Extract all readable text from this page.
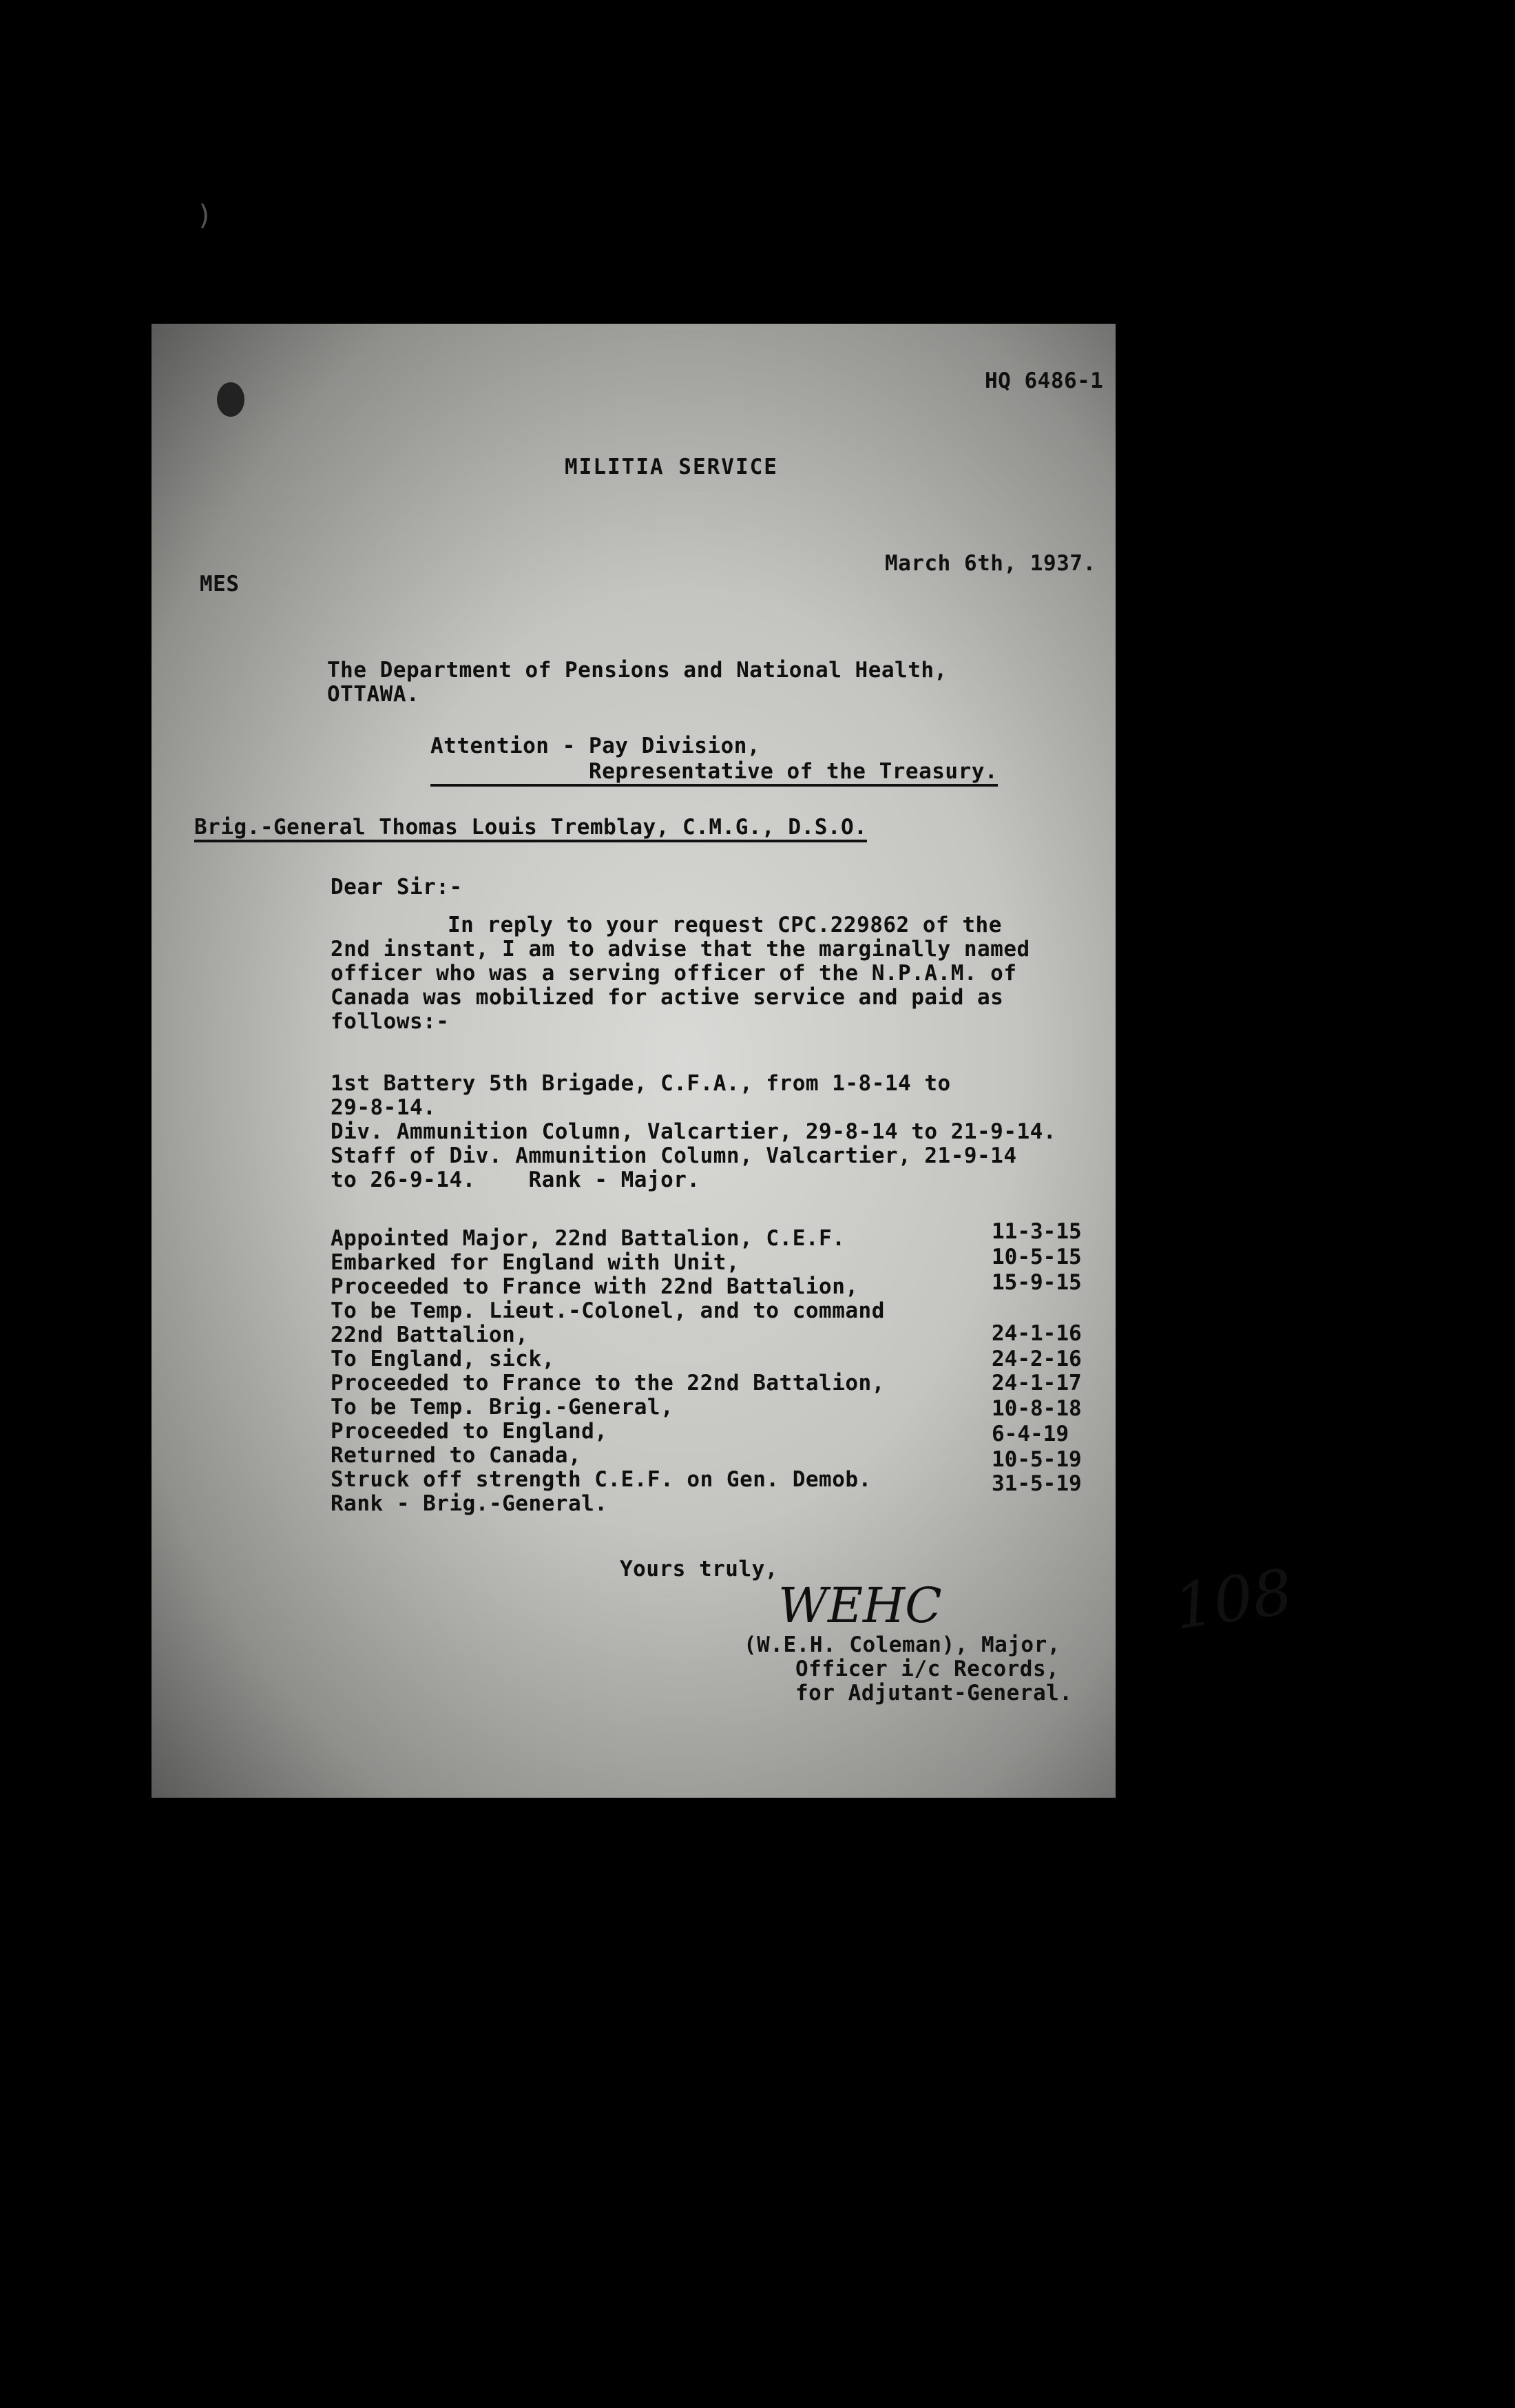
)
HQ 6486-1
MILITIA SERVICE
March 6th, 1937.
MES
The Department of Pensions and National Health,
OTTAWA.
Attention - Pay Division,
Representative of the Treasury.
Brig.-General Thomas Louis Tremblay, C.M.G., D.S.O.
Dear Sir:-
In reply to your request CPC.229862 of the
2nd instant, I am to advise that the marginally named
officer who was a serving officer of the N.P.A.M. of
Canada was mobilized for active service and paid as
follows:-
1st Battery 5th Brigade, C.F.A., from 1-8-14 to
29-8-14.
Div. Ammunition Column, Valcartier, 29-8-14 to 21-9-14.
Staff of Div. Ammunition Column, Valcartier, 21-9-14
to 26-9-14.    Rank - Major.
Appointed Major, 22nd Battalion, C.E.F.	11-3-15
Embarked for England with Unit,	10-5-15
Proceeded to France with 22nd Battalion,	15-9-15
To be Temp. Lieut.-Colonel, and to command
22nd Battalion,	24-1-16
To England, sick,	24-2-16
Proceeded to France to the 22nd Battalion,	24-1-17
To be Temp. Brig.-General,	10-8-18
Proceeded to England,	6-4-19
Returned to Canada,	10-5-19
Struck off strength C.E.F. on Gen. Demob.	31-5-19
Rank - Brig.-General.
Yours truly,
WEHC
(W.E.H. Coleman), Major,
Officer i/c Records,
for Adjutant-General.
108
